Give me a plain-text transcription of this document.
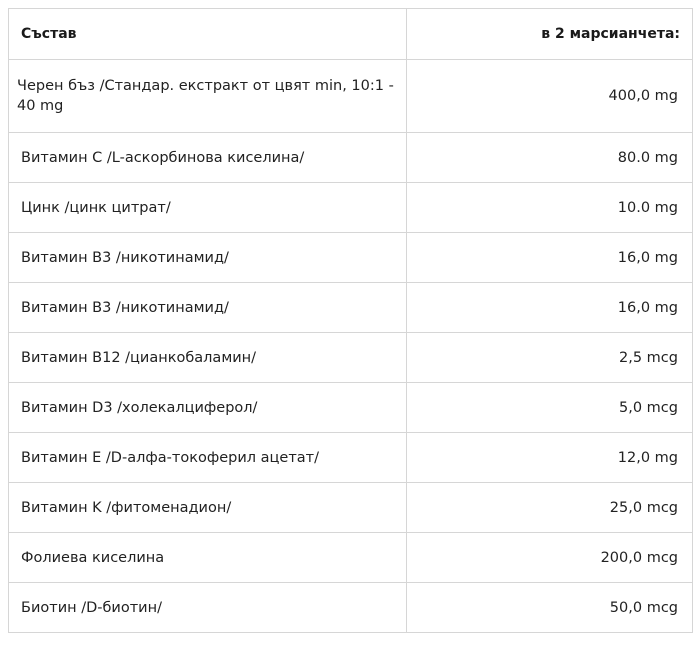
Състав	в 2 марсианчета:
Черен бъз /Стандар. екстракт от цвят min, 10:1 - 40 mg	400,0 mg
Витамин C /L-аскорбинова киселина/	80.0 mg
Цинк /цинк цитрат/	10.0 mg
Витамин B3 /никотинамид/	16,0 mg
Витамин B3 /никотинамид/	16,0 mg
Витамин B12 /цианкобаламин/	2,5 mcg
Витамин D3 /холекалциферол/	5,0 mcg
Витамин E /D-алфа-токоферил ацетат/	12,0 mg
Витамин K /фитоменадион/	25,0 mcg
Фолиева киселина	200,0 mcg
Биотин /D-биотин/	50,0 mcg
